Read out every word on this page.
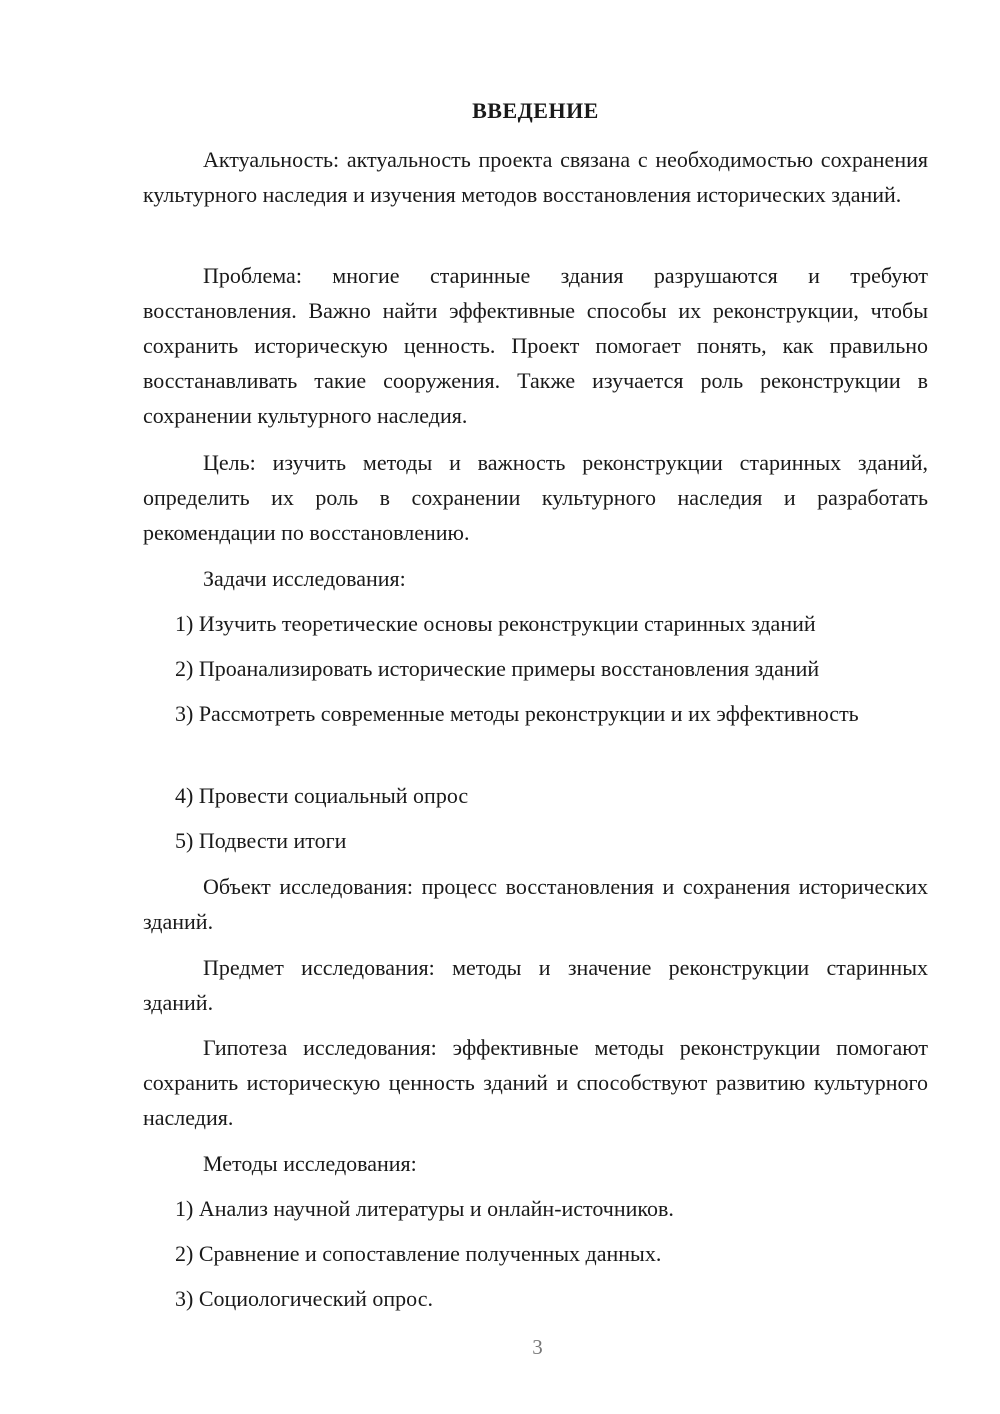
ВВЕДЕНИЕ
Актуальность: актуальность проекта связана с необходимостью сохранения культурного наследия и изучения методов восстановления исторических зданий.
Проблема: многие старинные здания разрушаются и требуют восстановления. Важно найти эффективные способы их реконструкции, чтобы сохранить историческую ценность. Проект помогает понять, как правильно восстанавливать такие сооружения. Также изучается роль реконструкции в сохранении культурного наследия.
Цель: изучить методы и важность реконструкции старинных зданий, определить их роль в сохранении культурного наследия и разработать рекомендации по восстановлению.
Задачи исследования:
1) Изучить теоретические основы реконструкции старинных зданий
2) Проанализировать исторические примеры восстановления зданий
3) Рассмотреть современные методы реконструкции и их эффективность
4) Провести социальный опрос
5) Подвести итоги
Объект исследования: процесс восстановления и сохранения исторических зданий.
Предмет исследования: методы и значение реконструкции старинных зданий.
Гипотеза исследования: эффективные методы реконструкции помогают сохранить историческую ценность зданий и способствуют развитию культурного наследия.
Методы исследования:
1) Анализ научной литературы и онлайн-источников.
2) Сравнение и сопоставление полученных данных.
3) Социологический опрос.
3
